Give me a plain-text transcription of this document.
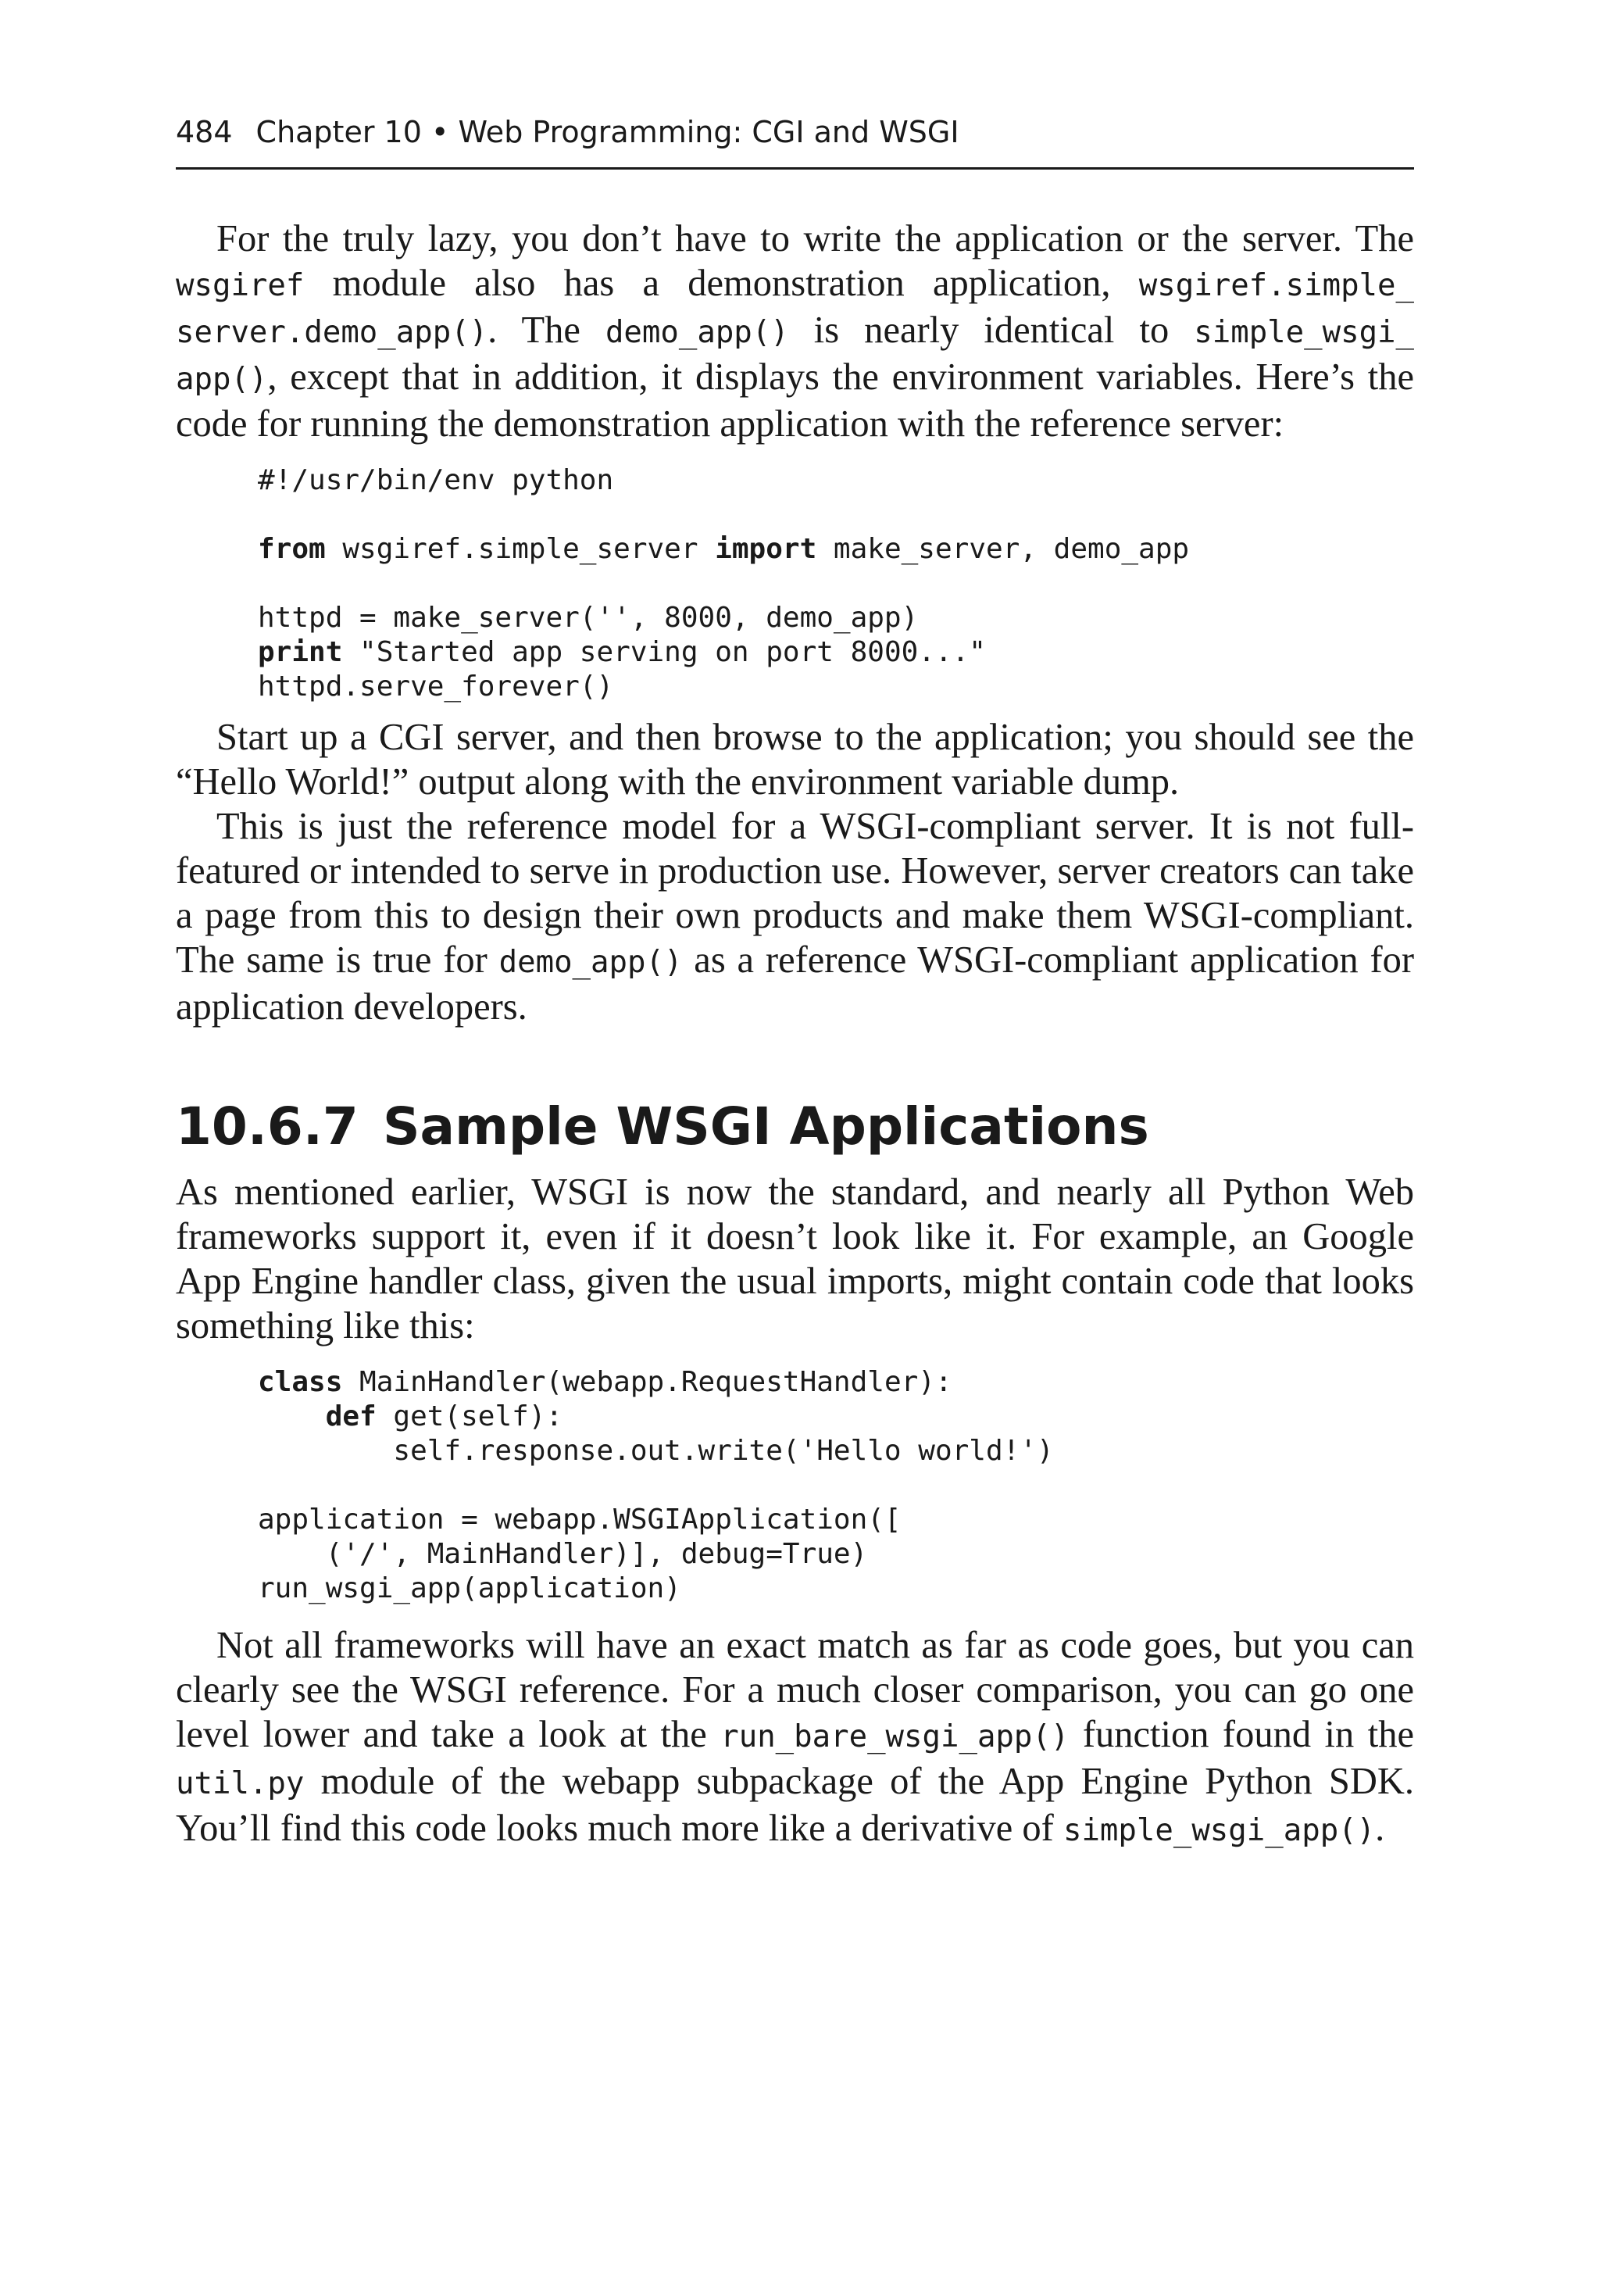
484 Chapter 10 • Web Programming: CGI and WSGI

For the truly lazy, you don’t have to write the application or the server. The wsgiref module also has a demonstration application, wsgiref.simple_ server.demo_app(). The demo_app() is nearly identical to simple_wsgi_ app(), except that in addition, it displays the environment variables. Here’s the code for running the demonstration application with the reference server:

#!/usr/bin/env python

from wsgiref.simple_server import make_server, demo_app

httpd = make_server('', 8000, demo_app)
print "Started app serving on port 8000..."
httpd.serve_forever()

Start up a CGI server, and then browse to the application; you should see the “Hello World!” output along with the environment variable dump.

This is just the reference model for a WSGI-compliant server. It is not full-featured or intended to serve in production use. However, server creators can take a page from this to design their own products and make them WSGI-compliant. The same is true for demo_app() as a reference WSGI-compliant application for application developers.

10.6.7 Sample WSGI Applications

As mentioned earlier, WSGI is now the standard, and nearly all Python Web frameworks support it, even if it doesn’t look like it. For example, an Google App Engine handler class, given the usual imports, might contain code that looks something like this:

class MainHandler(webapp.RequestHandler):
def get(self):
self.response.out.write('Hello world!')

application = webapp.WSGIApplication([
('/', MainHandler)], debug=True)
run_wsgi_app(application)

Not all frameworks will have an exact match as far as code goes, but you can clearly see the WSGI reference. For a much closer comparison, you can go one level lower and take a look at the run_bare_wsgi_app() function found in the util.py module of the webapp subpackage of the App Engine Python SDK. You’ll find this code looks much more like a derivative of simple_wsgi_app().
